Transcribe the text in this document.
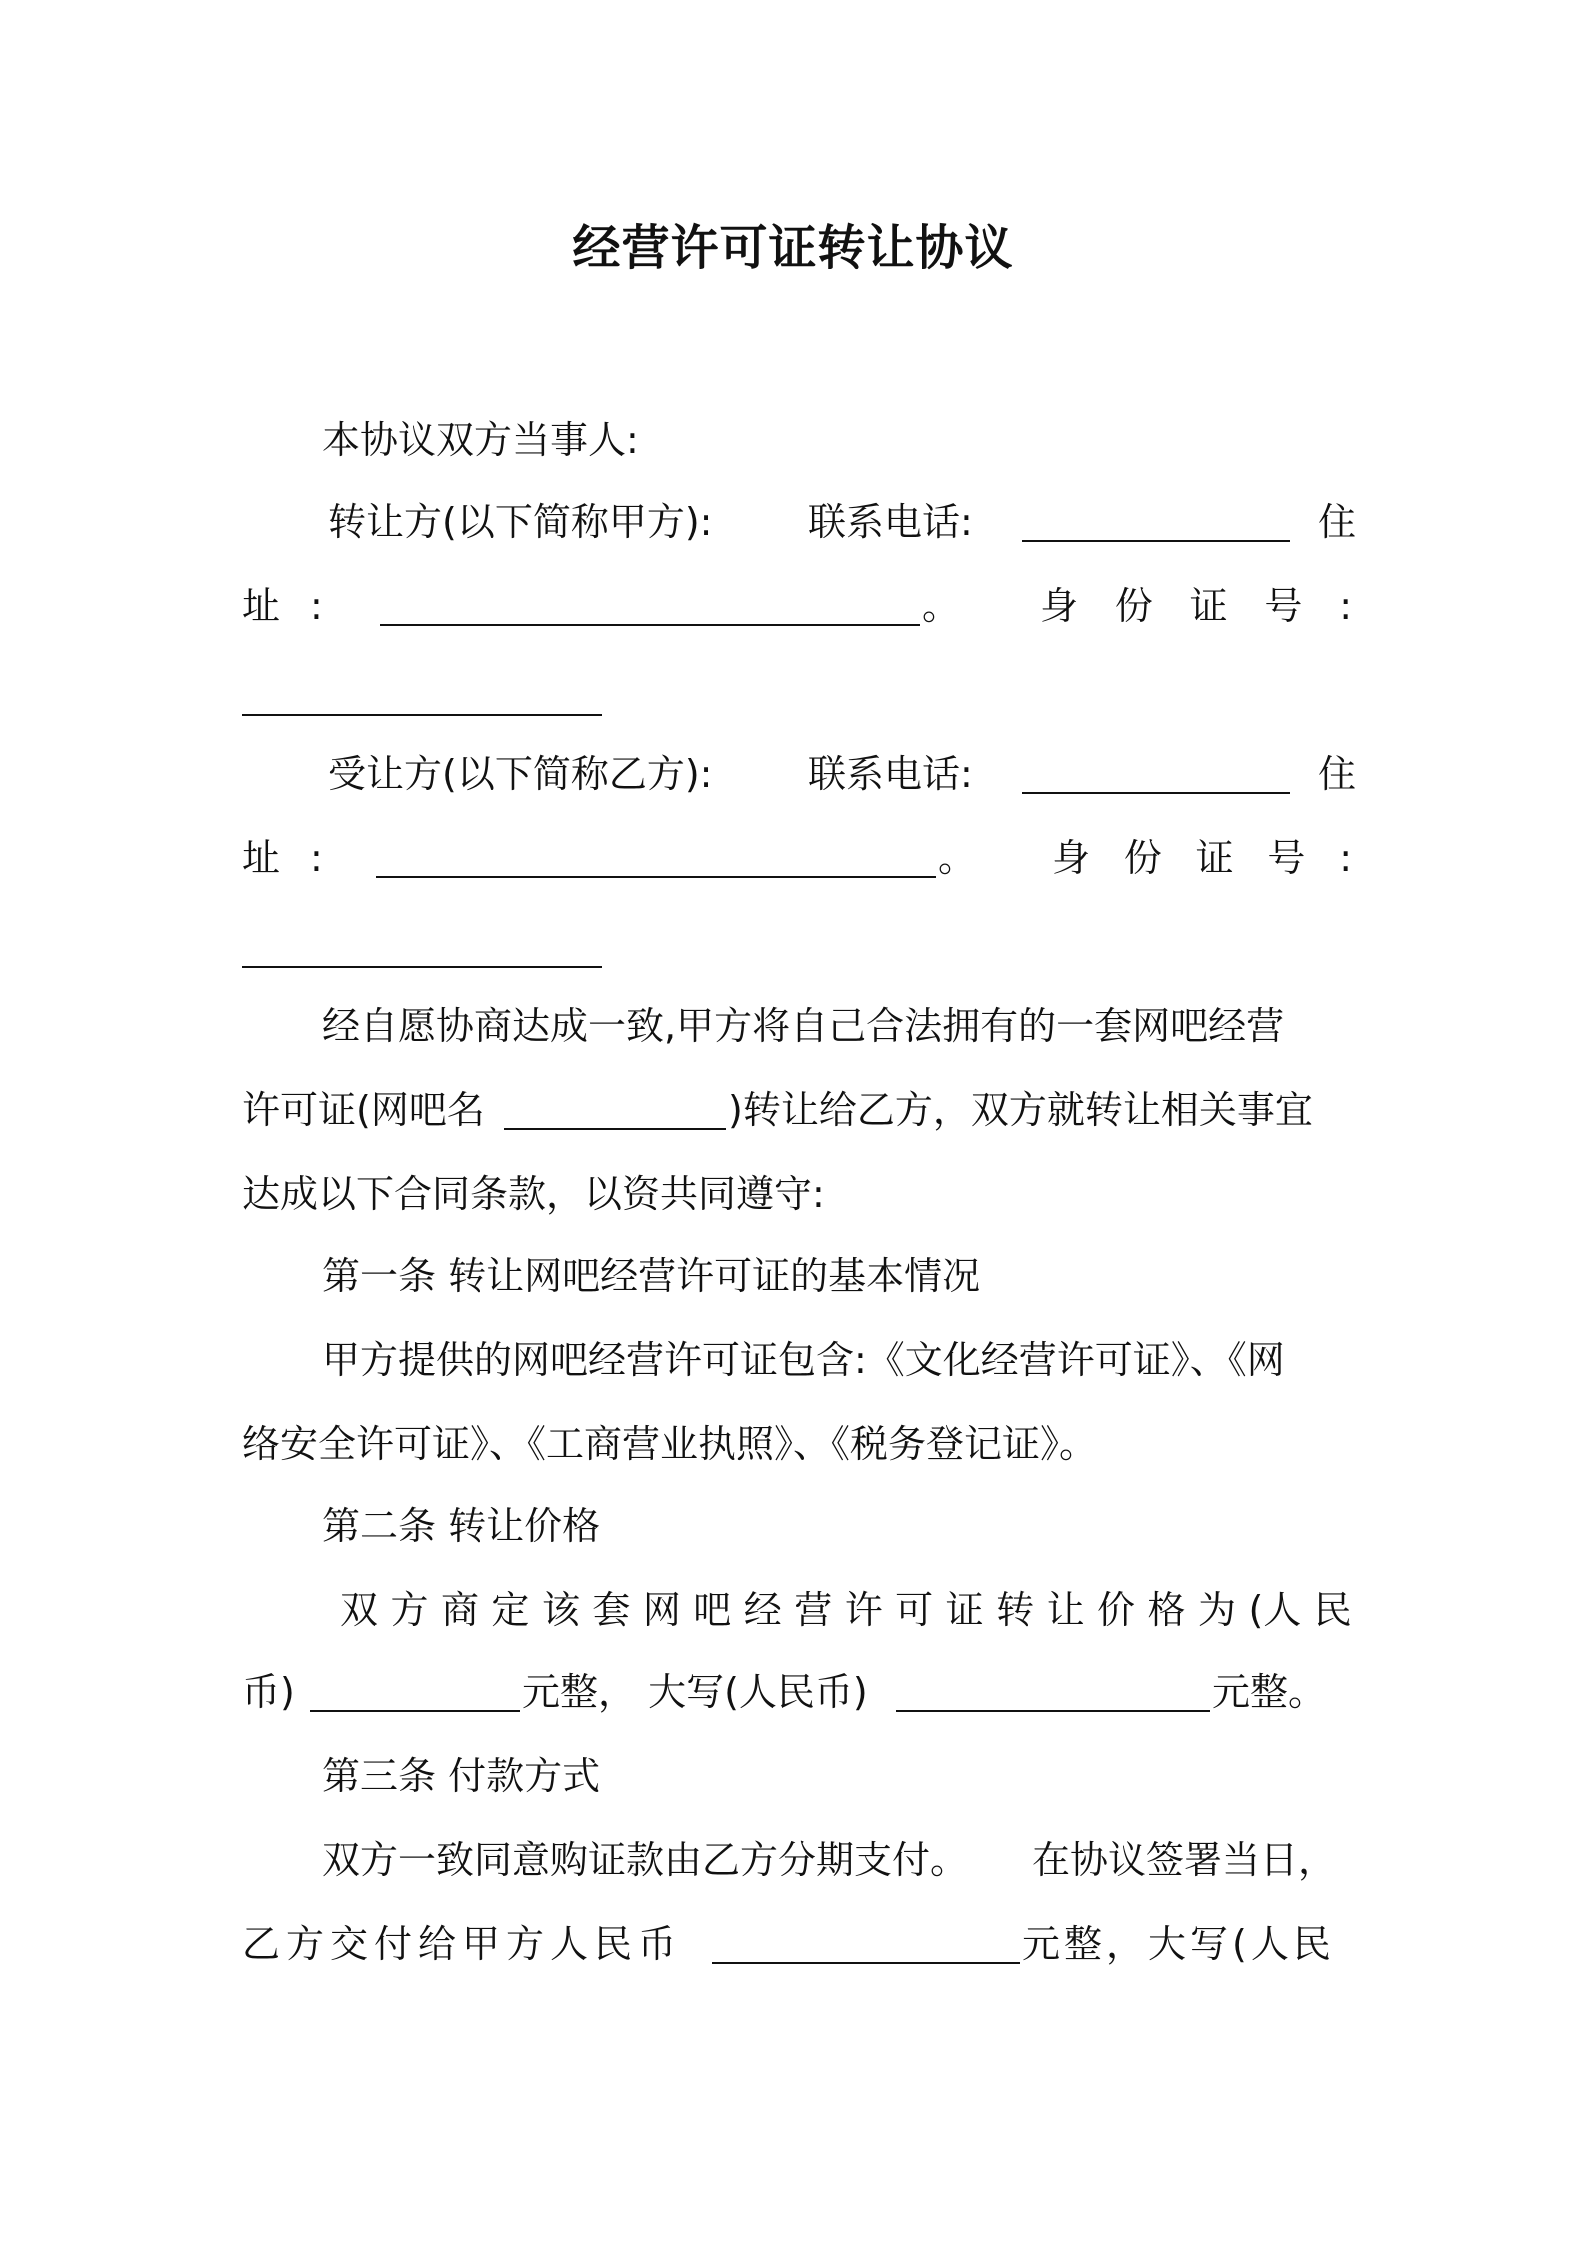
经营许可证转让协议
本协议双方当事人:
转让方(以下简称甲方):	联系电话:	住
址 :	。 身 份 证 号 :
受让方(以下简称乙方):	联系电话:	住
址 :	。 身 份 证 号 :
经自愿协商达成一致,甲方将自己合法拥有的一套网吧经营
许可证(网吧名	)转让给乙方，双方就转让相关事宜
达成以下合同条款，以资共同遵守:
第一条 转让网吧经营许可证的基本情况
甲方提供的网吧经营许可证包含:《文化经营许可证》、《网
络安全许可证》、《工商营业执照》、《税务登记证》。
第二条 转让价格
双 方 商 定 该 套 网 吧 经 营 许 可 证 转 让 价 格 为 (人 民
币)	元整， 大写(人民币)	元整。
第三条 付款方式
双方一致同意购证款由乙方分期支付。 在协议签署当日，
乙方交付给甲方人民币	元整，大写(人民
